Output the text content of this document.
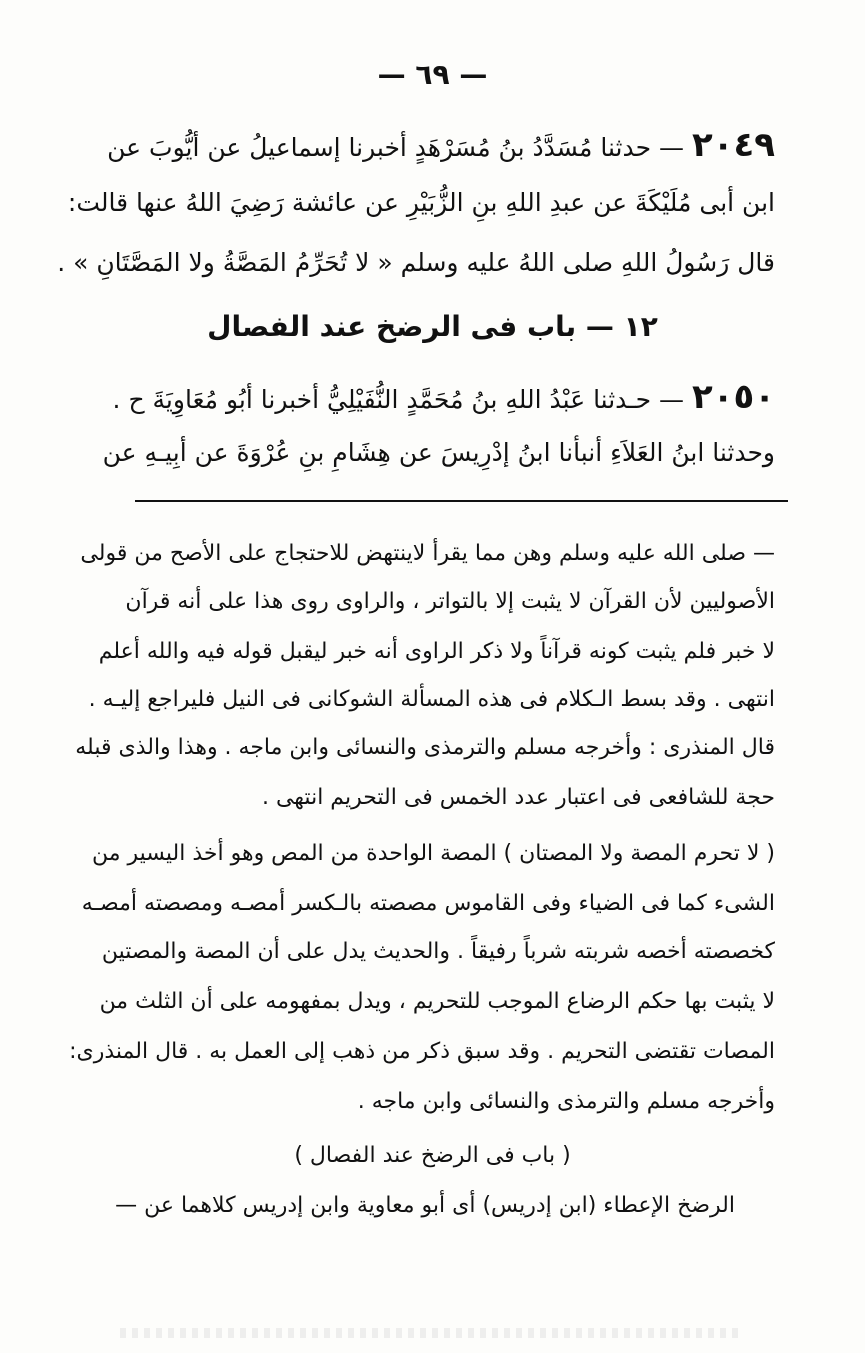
— ٦٩ —
٢٠٤٩ — حدثنا مُسَدَّدُ بنُ مُسَرْهَدٍ أخبرنا إسماعيلُ عن أيُّوبَ عن
ابن أبى مُلَيْكَةَ عن عبدِ اللهِ بنِ الزُّبَيْرِ عن عائشة رَضِيَ اللهُ عنها قالت:
قال رَسُولُ اللهِ صلى اللهُ عليه وسلم « لا تُحَرِّمُ المَصَّةُ ولا المَصَّتَانِ » .
١٢ — باب فى الرضخ عند الفصال
٢٠٥٠ — حـدثنا عَبْدُ اللهِ بنُ مُحَمَّدٍ النُّفَيْلِيُّ أخبرنا أبُو مُعَاوِيَةَ ح .
وحدثنا ابنُ العَلاَءِ أنبأنا ابنُ إدْرِيسَ عن هِشَامِ بنِ عُرْوَةَ عن أبِيـهِ عن
— صلى الله عليه وسلم وهن مما يقرأ لاينتهض للاحتجاج على الأصح من قولى
الأصوليين لأن القرآن لا يثبت إلا بالتواتر ، والراوى روى هذا على أنه قرآن
لا خبر فلم يثبت كونه قرآناً ولا ذكر الراوى أنه خبر ليقبل قوله فيه والله أعلم
انتهى . وقد بسط الـكلام فى هذه المسألة الشوكانى فى النيل فليراجع إليـه .
قال المنذرى : وأخرجه مسلم والترمذى والنسائى وابن ماجه . وهذا والذى قبله
حجة للشافعى فى اعتبار عدد الخمس فى التحريم انتهى .
( لا تحرم المصة ولا المصتان ) المصة الواحدة من المص وهو أخذ اليسير من
الشىء كما فى الضياء وفى القاموس مصصته بالـكسر أمصـه ومصصته أمصـه
كخصصته أخصه شربته شرباً رفيقاً . والحديث يدل على أن المصة والمصتين
لا يثبت بها حكم الرضاع الموجب للتحريم ، ويدل بمفهومه على أن الثلث من
المصات تقتضى التحريم . وقد سبق ذكر من ذهب إلى العمل به . قال المنذرى:
وأخرجه مسلم والترمذى والنسائى وابن ماجه .
( باب فى الرضخ عند الفصال )
الرضخ الإعطاء (ابن إدريس) أى أبو معاوية وابن إدريس كلاهما عن —
